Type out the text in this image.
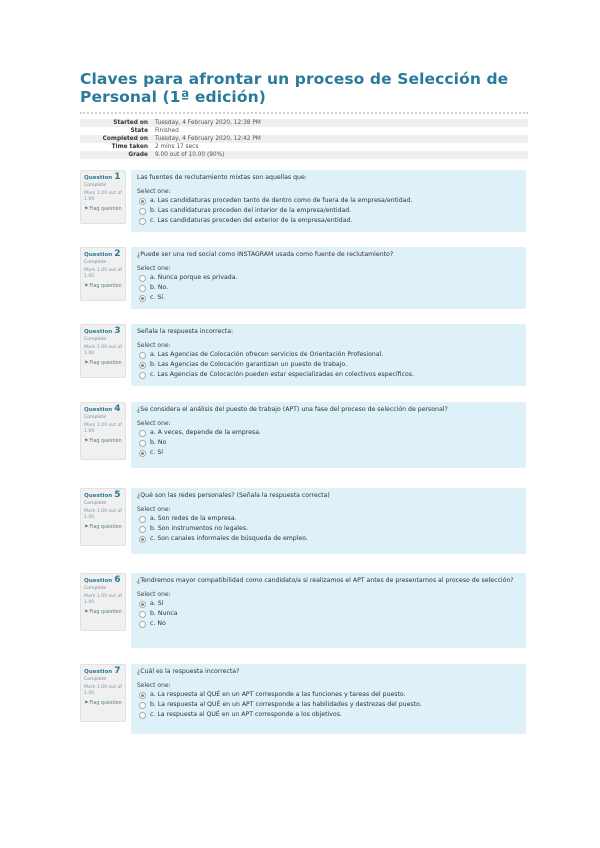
Claves para afrontar un proceso de Selección de Personal (1ª edición)
Started on	Tuesday, 4 February 2020, 12:38 PM
State	Finished
Completed on	Tuesday, 4 February 2020, 12:42 PM
Time taken	2 mins 17 secs
Grade	9.00 out of 10.00 (90%)
Question 1
Complete
Mark 1.00 out of 1.00
⚑Flag question
Las fuentes de reclutamiento mixtas son aquellas que:
Select one:
a. Las candidaturas proceden tanto de dentro como de fuera de la empresa/entidad.
b. Las candidaturas proceden del interior de la empresa/entidad.
c. Las candidaturas proceden del exterior de la empresa/entidad.
Question 2
Complete
Mark 1.00 out of 1.00
⚑Flag question
¿Puede ser una red social como INSTAGRAM usada como fuente de reclutamiento?
Select one:
a. Nunca porque es privada.
b. No.
c. Sí.
Question 3
Complete
Mark 1.00 out of 1.00
⚑Flag question
Señala la respuesta incorrecta:
Select one:
a. Las Agencias de Colocación ofrecen servicios de Orientación Profesional.
b. Las Agencias de Colocación garantizan un puesto de trabajo.
c. Las Agencias de Colocación pueden estar especializadas en colectivos específicos.
Question 4
Complete
Mark 1.00 out of 1.00
⚑Flag question
¿Se considera el análisis del puesto de trabajo (APT) una fase del proceso de selección de personal?
Select one:
a. A veces, depende de la empresa.
b. No
c. Sí
Question 5
Complete
Mark 1.00 out of 1.00
⚑Flag question
¿Qué son las redes personales? (Señala la respuesta correcta)
Select one:
a. Son redes de la empresa.
b. Son instrumentos no legales.
c. Son canales informales de búsqueda de empleo.
Question 6
Complete
Mark 1.00 out of 1.00
⚑Flag question
¿Tendremos mayor compatibilidad como candidato/a si realizamos el APT antes de presentarnos al proceso de selección?
Select one:
a. Sí
b. Nunca
c. No
Question 7
Complete
Mark 1.00 out of 1.00
⚑Flag question
¿Cuál es la respuesta incorrecta?
Select one:
a. La respuesta al QUÉ en un APT corresponde a las funciones y tareas del puesto.
b. La respuesta al QUÉ en un APT corresponde a las habilidades y destrezas del puesto.
c. La respuesta al QUÉ en un APT corresponde a los objetivos.
